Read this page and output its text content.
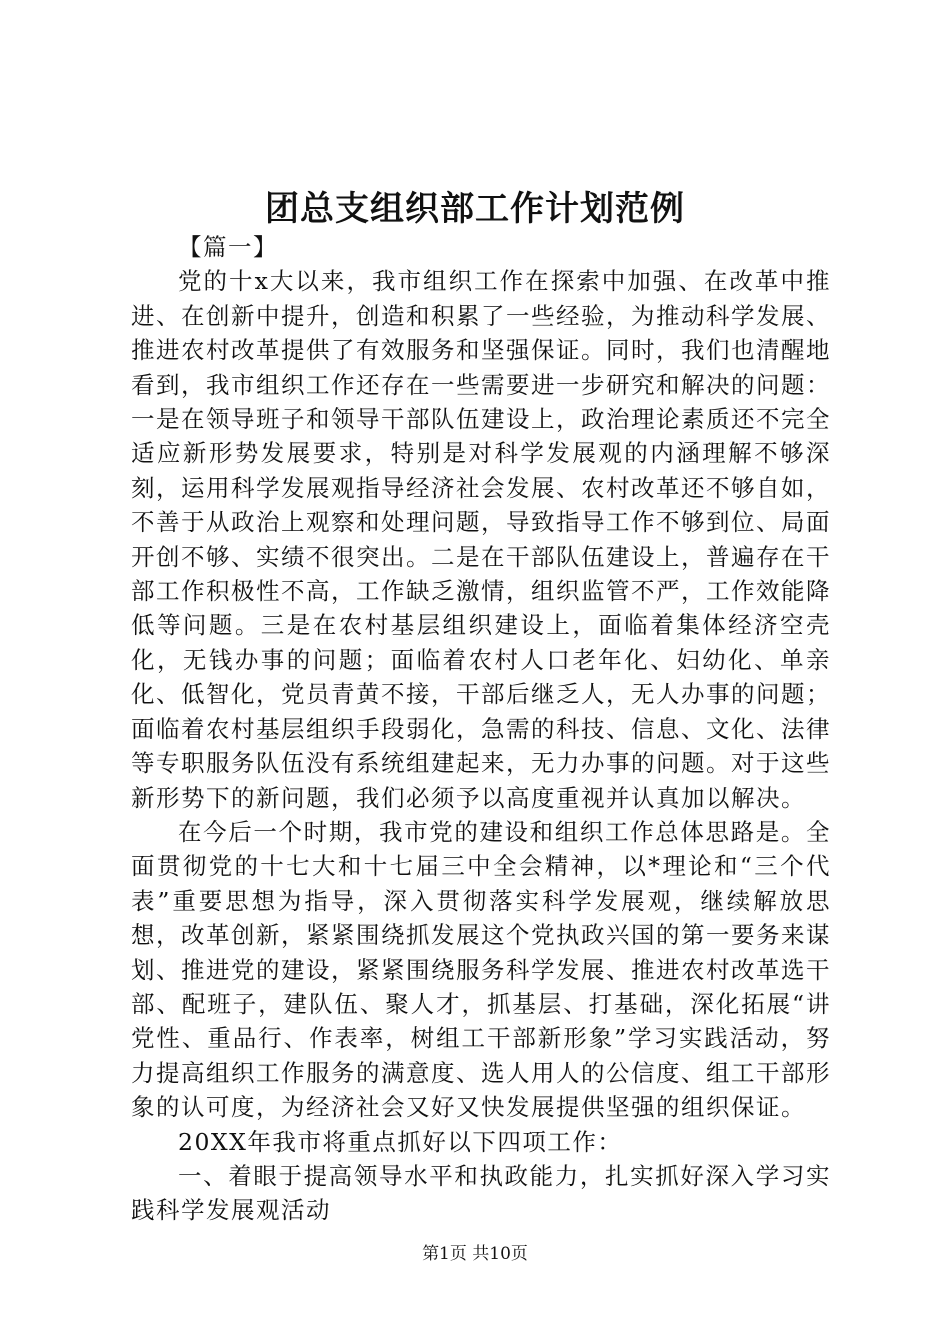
团总支组织部工作计划范例

【篇一】

党的十x大以来，我市组织工作在探索中加强、在改革中推进、在创新中提升，创造和积累了一些经验，为推动科学发展、推进农村改革提供了有效服务和坚强保证。同时，我们也清醒地看到，我市组织工作还存在一些需要进一步研究和解决的问题：一是在领导班子和领导干部队伍建设上，政治理论素质还不完全适应新形势发展要求，特别是对科学发展观的内涵理解不够深刻，运用科学发展观指导经济社会发展、农村改革还不够自如，不善于从政治上观察和处理问题，导致指导工作不够到位、局面开创不够、实绩不很突出。二是在干部队伍建设上，普遍存在干部工作积极性不高，工作缺乏激情，组织监管不严，工作效能降低等问题。三是在农村基层组织建设上，面临着集体经济空壳化，无钱办事的问题；面临着农村人口老年化、妇幼化、单亲化、低智化，党员青黄不接，干部后继乏人，无人办事的问题；面临着农村基层组织手段弱化，急需的科技、信息、文化、法律等专职服务队伍没有系统组建起来，无力办事的问题。对于这些新形势下的新问题，我们必须予以高度重视并认真加以解决。

在今后一个时期，我市党的建设和组织工作总体思路是。全面贯彻党的十七大和十七届三中全会精神，以*理论和“三个代表”重要思想为指导，深入贯彻落实科学发展观，继续解放思想，改革创新，紧紧围绕抓发展这个党执政兴国的第一要务来谋划、推进党的建设，紧紧围绕服务科学发展、推进农村改革选干部、配班子，建队伍、聚人才，抓基层、打基础，深化拓展“讲党性、重品行、作表率，树组工干部新形象”学习实践活动，努力提高组织工作服务的满意度、选人用人的公信度、组工干部形象的认可度，为经济社会又好又快发展提供坚强的组织保证。

20XX年我市将重点抓好以下四项工作：

一、着眼于提高领导水平和执政能力，扎实抓好深入学习实践科学发展观活动

第1页 共10页
